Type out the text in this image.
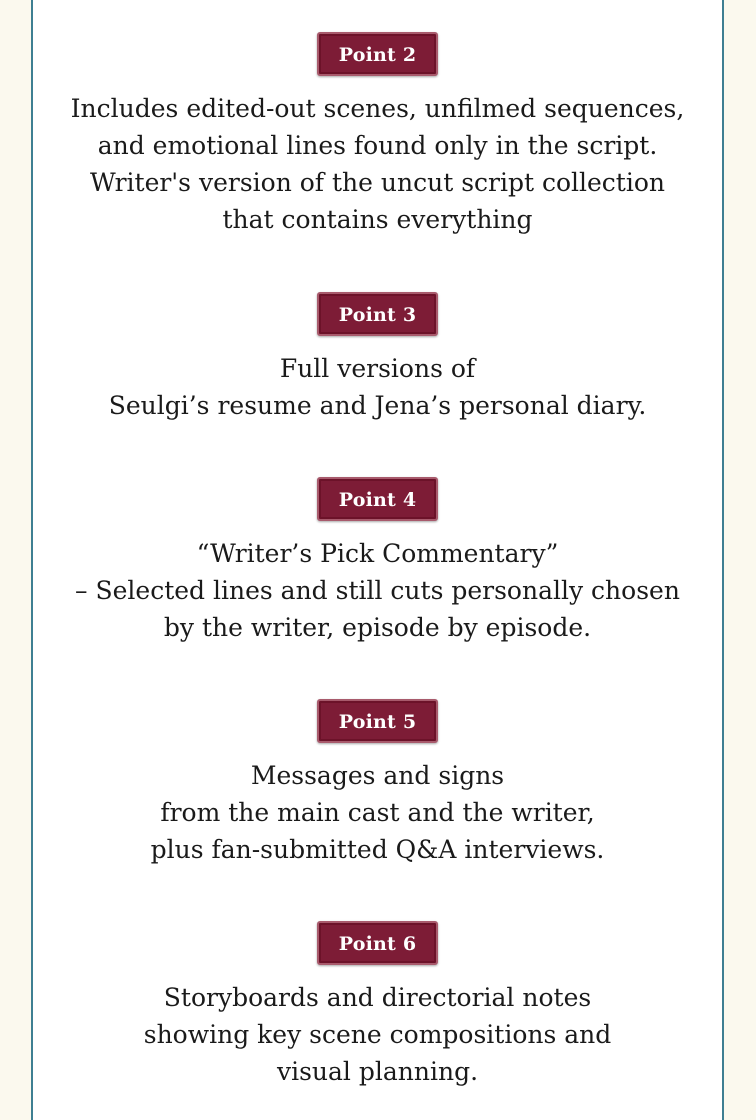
Point 2
Includes edited-out scenes, unfilmed sequences,
and emotional lines found only in the script.
Writer's version of the uncut script collection
that contains everything
Point 3
Full versions of
Seulgi’s resume and Jena’s personal diary.
Point 4
“Writer’s Pick Commentary”
– Selected lines and still cuts personally chosen
by the writer, episode by episode.
Point 5
Messages and signs
from the main cast and the writer,
plus fan-submitted Q&A interviews.
Point 6
Storyboards and directorial notes
showing key scene compositions and
visual planning.
